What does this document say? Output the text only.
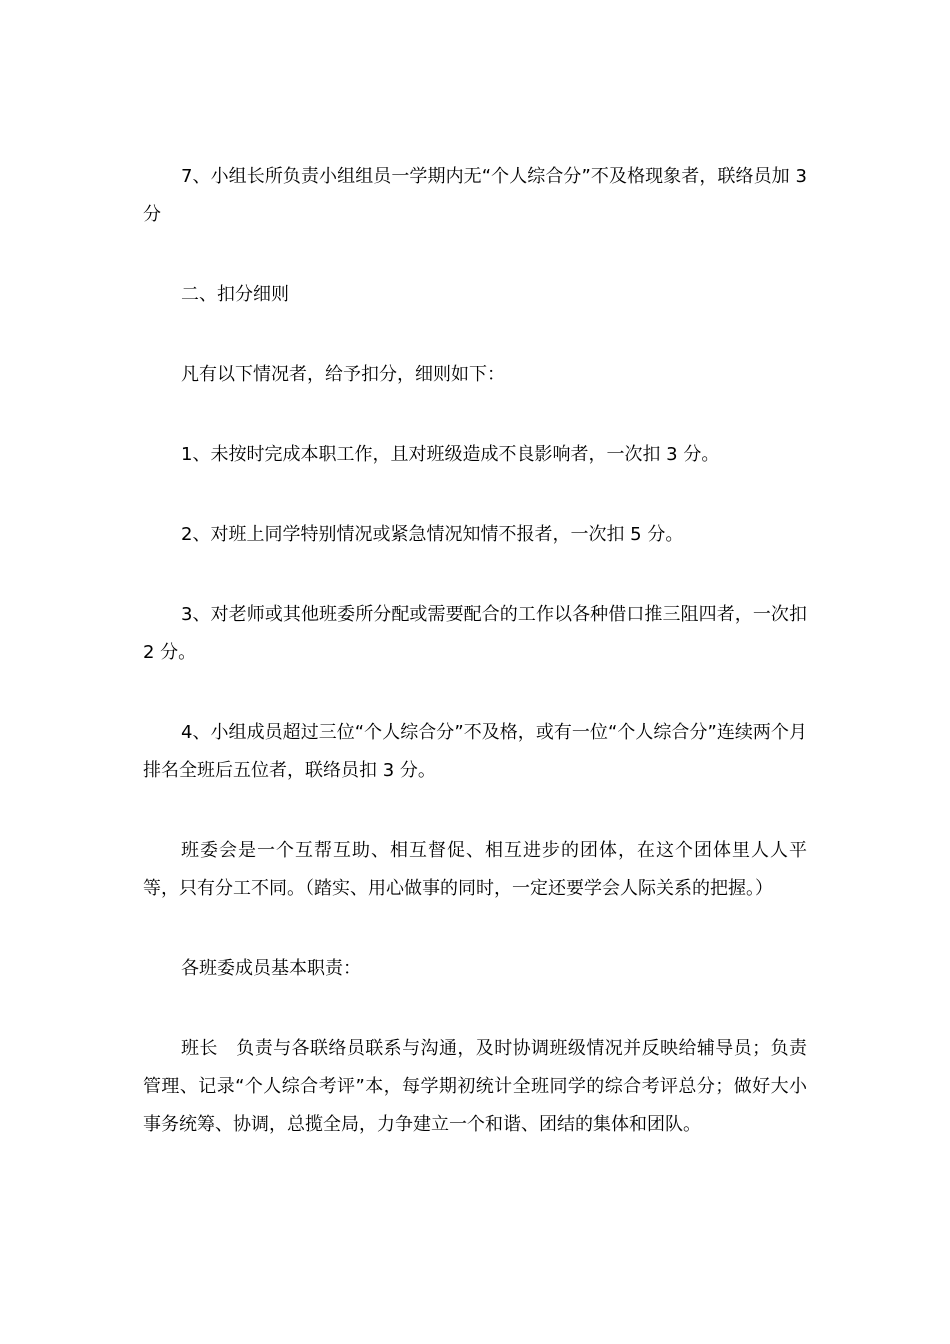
7、小组长所负责小组组员一学期内无“个人综合分”不及格现象者，联络员加 3 分

二、扣分细则

凡有以下情况者，给予扣分，细则如下：

1、未按时完成本职工作，且对班级造成不良影响者，一次扣 3 分。

2、对班上同学特别情况或紧急情况知情不报者，一次扣 5 分。

3、对老师或其他班委所分配或需要配合的工作以各种借口推三阻四者，一次扣 2 分。

4、小组成员超过三位“个人综合分”不及格，或有一位“个人综合分”连续两个月排名全班后五位者，联络员扣 3 分。

班委会是一个互帮互助、相互督促、相互进步的团体，在这个团体里人人平等，只有分工不同。（踏实、用心做事的同时，一定还要学会人际关系的把握。）

各班委成员基本职责：

班长　负责与各联络员联系与沟通，及时协调班级情况并反映给辅导员；负责管理、记录“个人综合考评”本，每学期初统计全班同学的综合考评总分；做好大小事务统筹、协调，总揽全局，力争建立一个和谐、团结的集体和团队。
